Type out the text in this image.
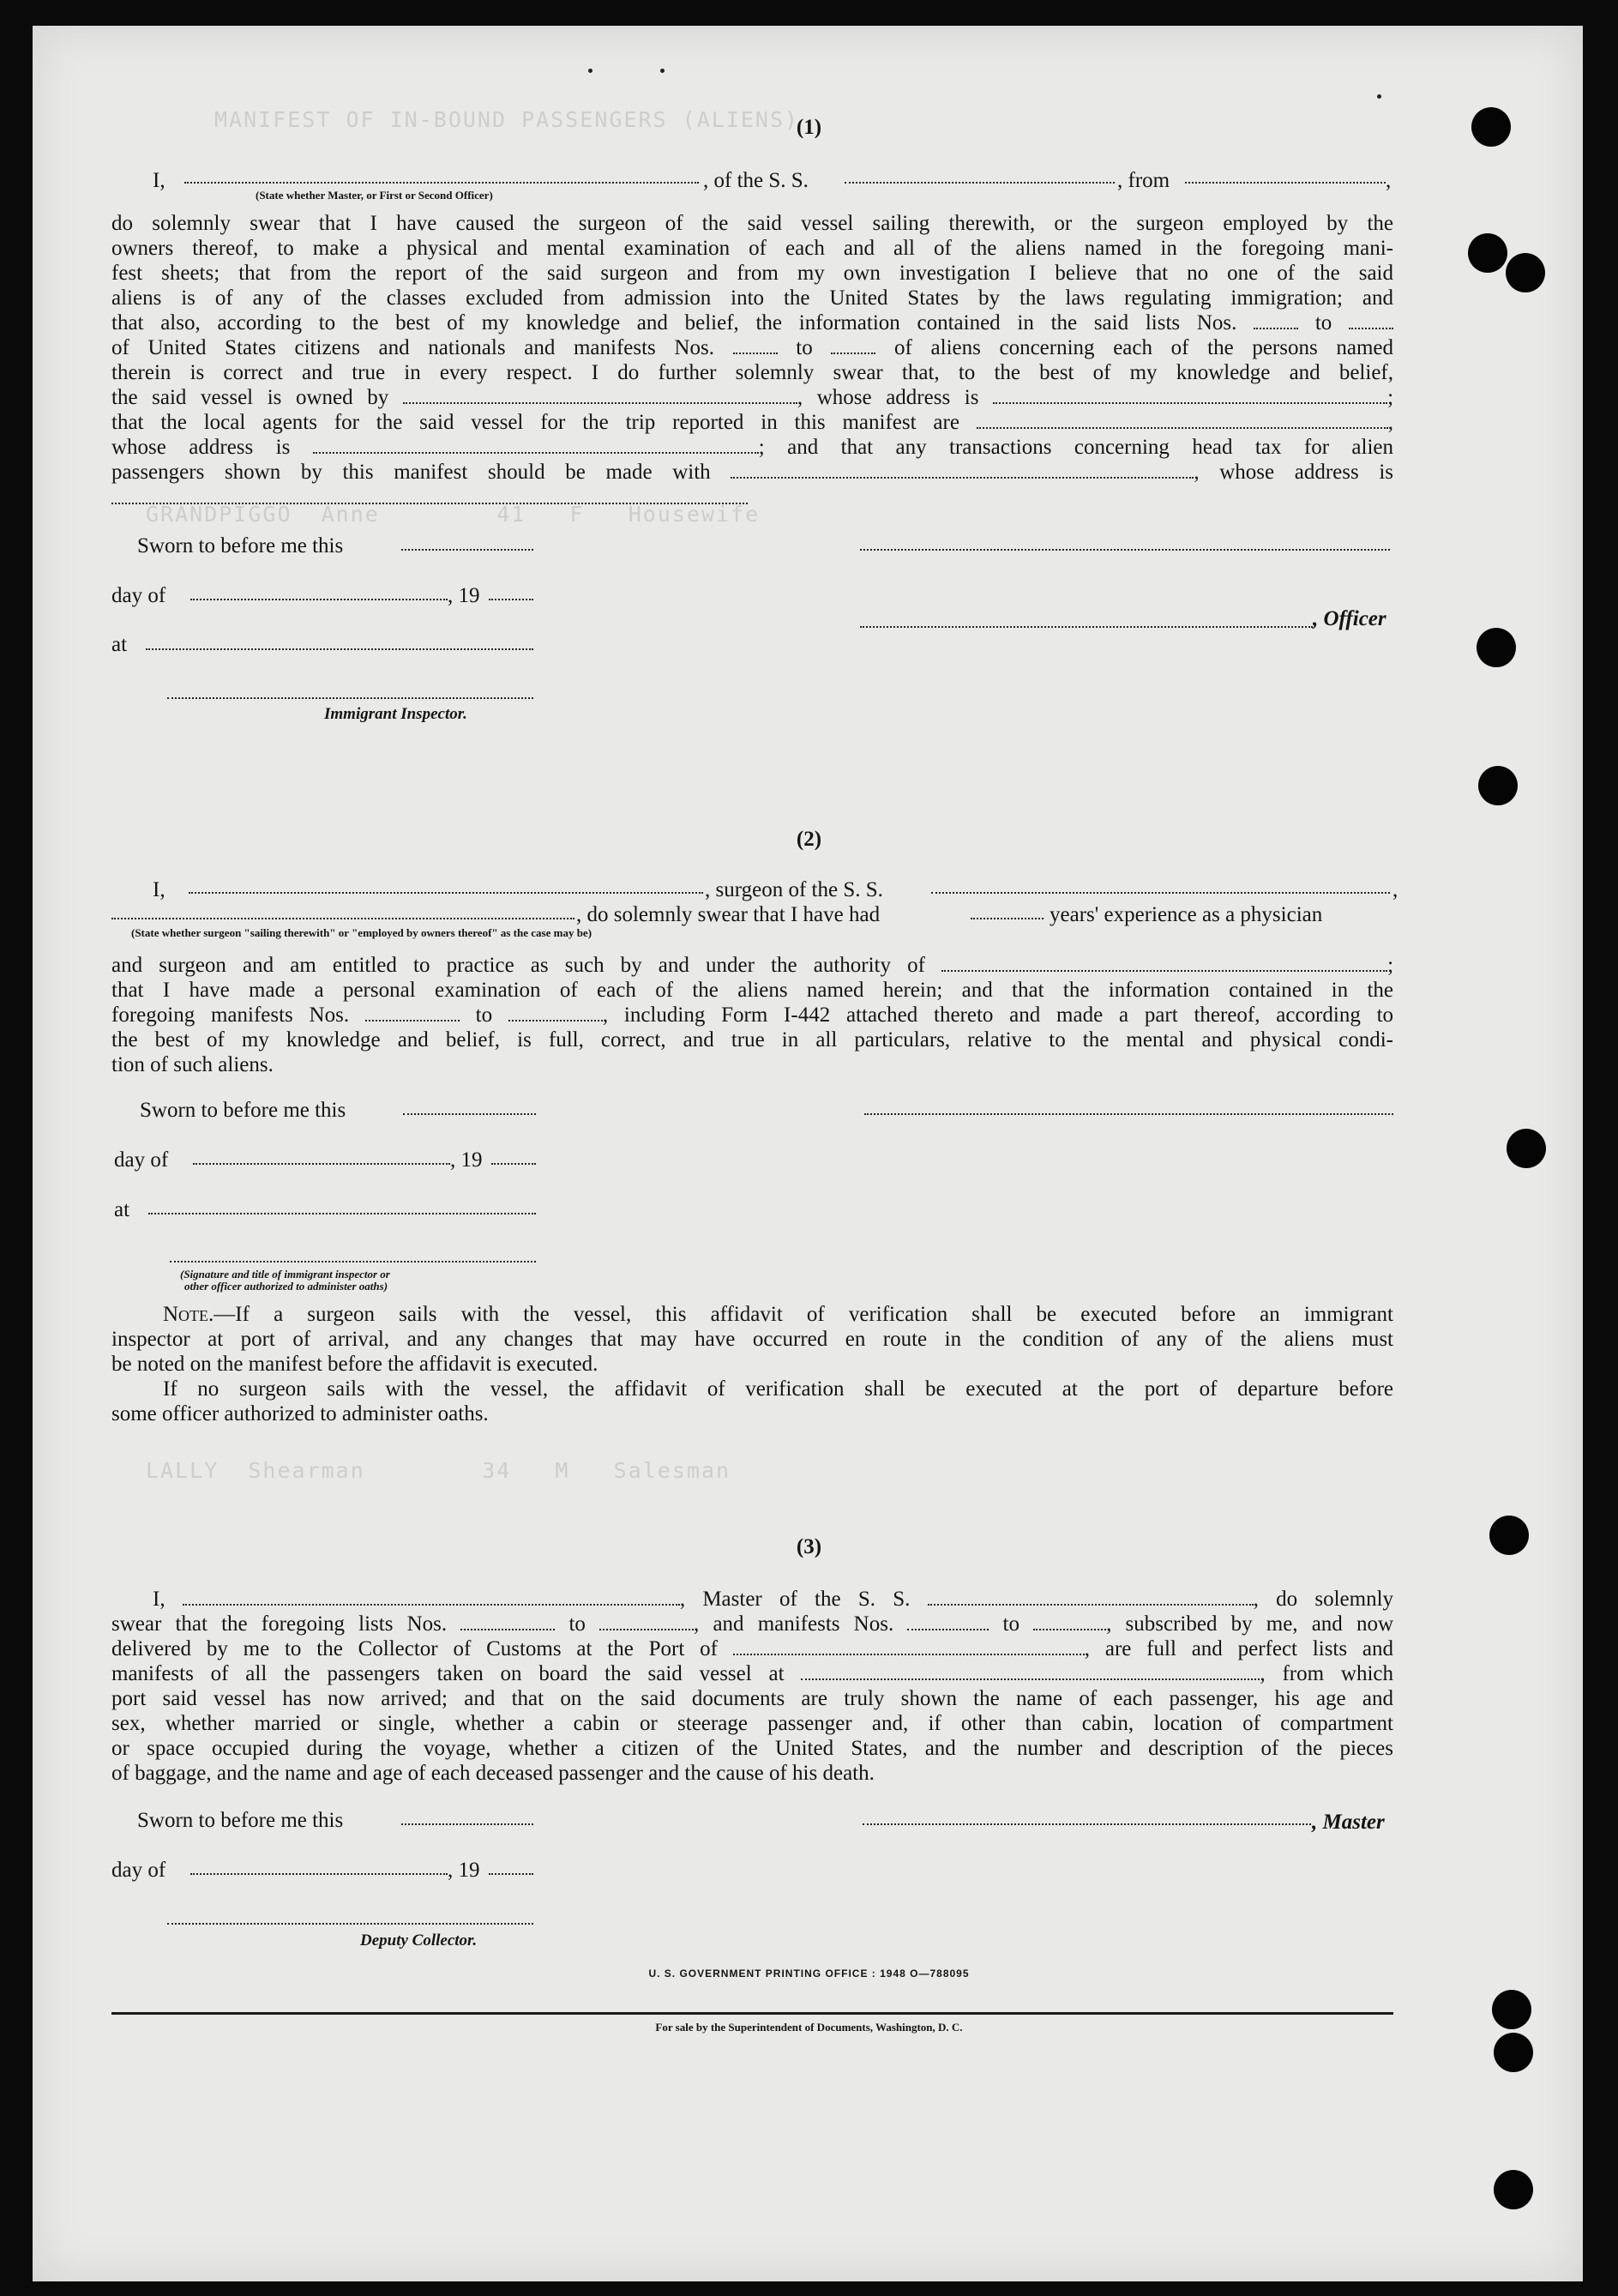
MANIFEST OF IN-BOUND PASSENGERS (ALIENS)
GRANDPIGGO  Anne        41   F   Housewife
LALLY  Shearman        34   M   Salesman
(1)
I,
(State whether Master, or First or Second Officer)
, of the S. S.	, from	,
do solemnly swear that I have caused the surgeon of the said vessel sailing therewith, or the surgeon employed by the
owners thereof, to make a physical and mental examination of each and all of the aliens named in the foregoing mani-
fest sheets; that from the report of the said surgeon and from my own investigation I believe that no one of the said
aliens is of any of the classes excluded from admission into the United States by the laws regulating immigration; and
that also, according to the best of my knowledge and belief, the information contained in the said lists Nos.	to
of United States citizens and nationals and manifests Nos.	to	of aliens concerning each of the persons named
therein is correct and true in every respect. I do further solemnly swear that, to the best of my knowledge and belief,
the said vessel is owned by	, whose address is	;
that the local agents for the said vessel for the trip reported in this manifest are	,
whose address is	; and that any transactions concerning head tax for alien
passengers shown by this manifest should be made with	, whose address is
Sworn to before me this
day of	, 19
at
, Officer
Immigrant Inspector.
(2)
I,	, surgeon of the S. S.	,
, do solemnly swear that I have had	years' experience as a physician
(State whether surgeon "sailing therewith" or "employed by owners thereof" as the case may be)
and surgeon and am entitled to practice as such by and under the authority of	;
that I have made a personal examination of each of the aliens named herein; and that the information contained in the
foregoing manifests Nos.	to	, including Form I-442 attached thereto and made a part thereof, according to
the best of my knowledge and belief, is full, correct, and true in all particulars, relative to the mental and physical condi-
tion of such aliens.
Sworn to before me this
day of	, 19
at
(Signature and title of immigrant inspector or
other officer authorized to administer oaths)
Note.—If a surgeon sails with the vessel, this affidavit of verification shall be executed before an immigrant
inspector at port of arrival, and any changes that may have occurred en route in the condition of any of the aliens must
be noted on the manifest before the affidavit is executed.
If no surgeon sails with the vessel, the affidavit of verification shall be executed at the port of departure before
some officer authorized to administer oaths.
(3)
I,	, Master of the S. S.	, do solemnly
swear that the foregoing lists Nos.	to	, and manifests Nos.	to	, subscribed by me, and now
delivered by me to the Collector of Customs at the Port of	, are full and perfect lists and
manifests of all the passengers taken on board the said vessel at	, from which
port said vessel has now arrived; and that on the said documents are truly shown the name of each passenger, his age and
sex, whether married or single, whether a cabin or steerage passenger and, if other than cabin, location of compartment
or space occupied during the voyage, whether a citizen of the United States, and the number and description of the pieces
of baggage, and the name and age of each deceased passenger and the cause of his death.
Sworn to before me this	, Master
day of	, 19
Deputy Collector.
U. S. GOVERNMENT PRINTING OFFICE : 1948 O—788095
For sale by the Superintendent of Documents, Washington, D. C.
